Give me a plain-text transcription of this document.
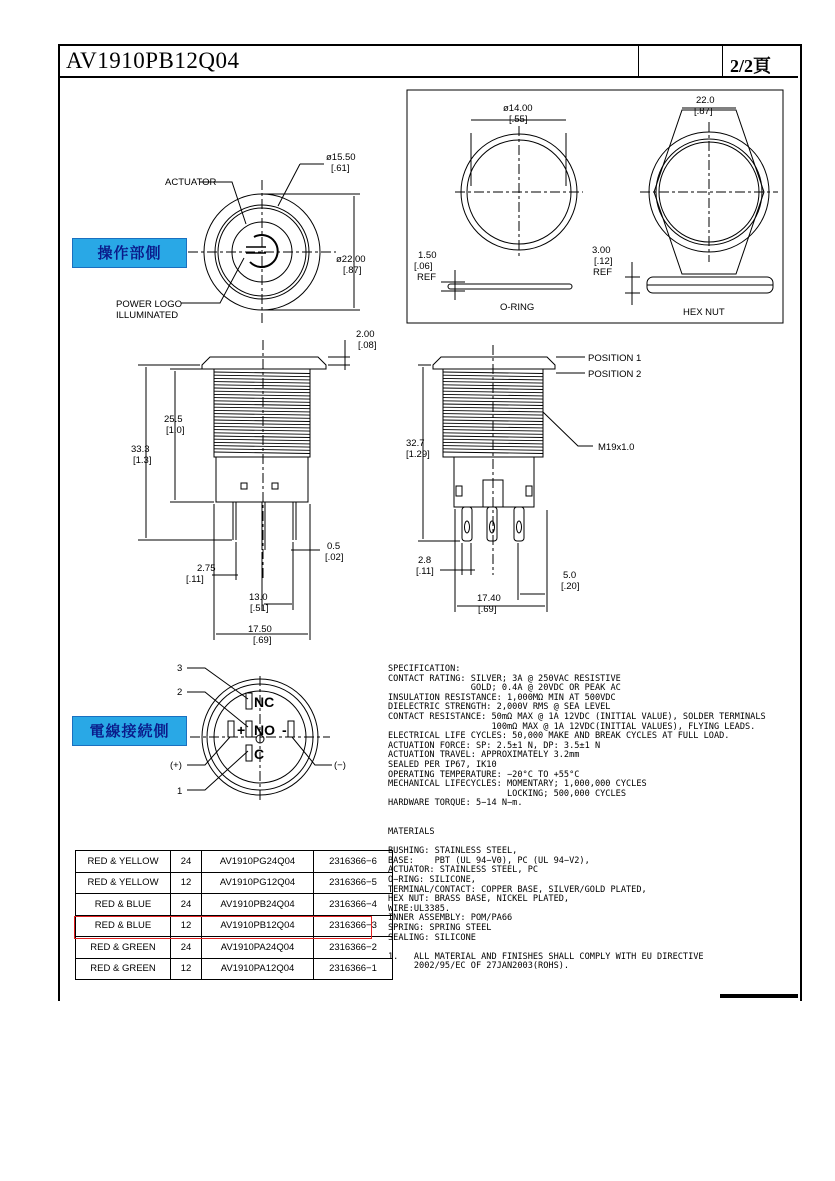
AV1910PB12Q04	2/2頁
ACTUATOR
POWER LOGO
ILLUMINATED
ø15.50
[.61]
ø22.00
[.87]
ø14.00
[.55]
22.0
[.87]
1.50
[.06]
REF
O-RING
3.00
[.12]
REF
HEX NUT
2.00
[.08]
25.5
[1.0]
33.3
[1.3]
0.5
[.02]
2.75
[.11]
13.0
[.51]
17.50
[.69]
POSITION 1
POSITION 2
M19x1.0
32.7
[1.29]
2.8
[.11]	5.0
[.20]
17.40
[.69]
3
2
(+)
1
(−)
NC
NO
C
+	-
操作部側
電線接続側
SPECIFICATION:
CONTACT RATING: SILVER; 3A @ 250VAC RESISTIVE
GOLD; 0.4A @ 20VDC OR PEAK AC
INSULATION RESISTANCE: 1,000MΩ MIN AT 500VDC
DIELECTRIC STRENGTH: 2,000V RMS @ SEA LEVEL
CONTACT RESISTANCE: 50mΩ MAX @ 1A 12VDC (INITIAL VALUE), SOLDER TERMINALS
100mΩ MAX @ 1A 12VDC(INITIAL VALUES), FLYING LEADS.
ELECTRICAL LIFE CYCLES: 50,000 MAKE AND BREAK CYCLES AT FULL LOAD.
ACTUATION FORCE: SP: 2.5±1 N, DP: 3.5±1 N
ACTUATION TRAVEL: APPROXIMATELY 3.2mm
SEALED PER IP67, IK10
OPERATING TEMPERATURE: −20°C TO +55°C
MECHANICAL LIFECYCLES: MOMENTARY; 1,000,000 CYCLES
LOCKING; 500,000 CYCLES
HARDWARE TORQUE: 5−14 N−m.
MATERIALS

BUSHING: STAINLESS STEEL,
BASE:    PBT (UL 94−V0), PC (UL 94−V2),
ACTUATOR: STAINLESS STEEL, PC
O−RING: SILICONE,
TERMINAL/CONTACT: COPPER BASE, SILVER/GOLD PLATED,
HEX NUT: BRASS BASE, NICKEL PLATED,
WIRE:UL3385.
INNER ASSEMBLY: POM/PA66
SPRING: SPRING STEEL
SEALING: SILICONE

1.   ALL MATERIAL AND FINISHES SHALL COMPLY WITH EU DIRECTIVE
2002/95/EC OF 27JAN2003(ROHS).
RED & YELLOW	24	AV1910PG24Q04	2316366−6
RED & YELLOW	12	AV1910PG12Q04	2316366−5
RED & BLUE	24	AV1910PB24Q04	2316366−4
RED & BLUE	12	AV1910PB12Q04	2316366−3
RED & GREEN	24	AV1910PA24Q04	2316366−2
RED & GREEN	12	AV1910PA12Q04	2316366−1
